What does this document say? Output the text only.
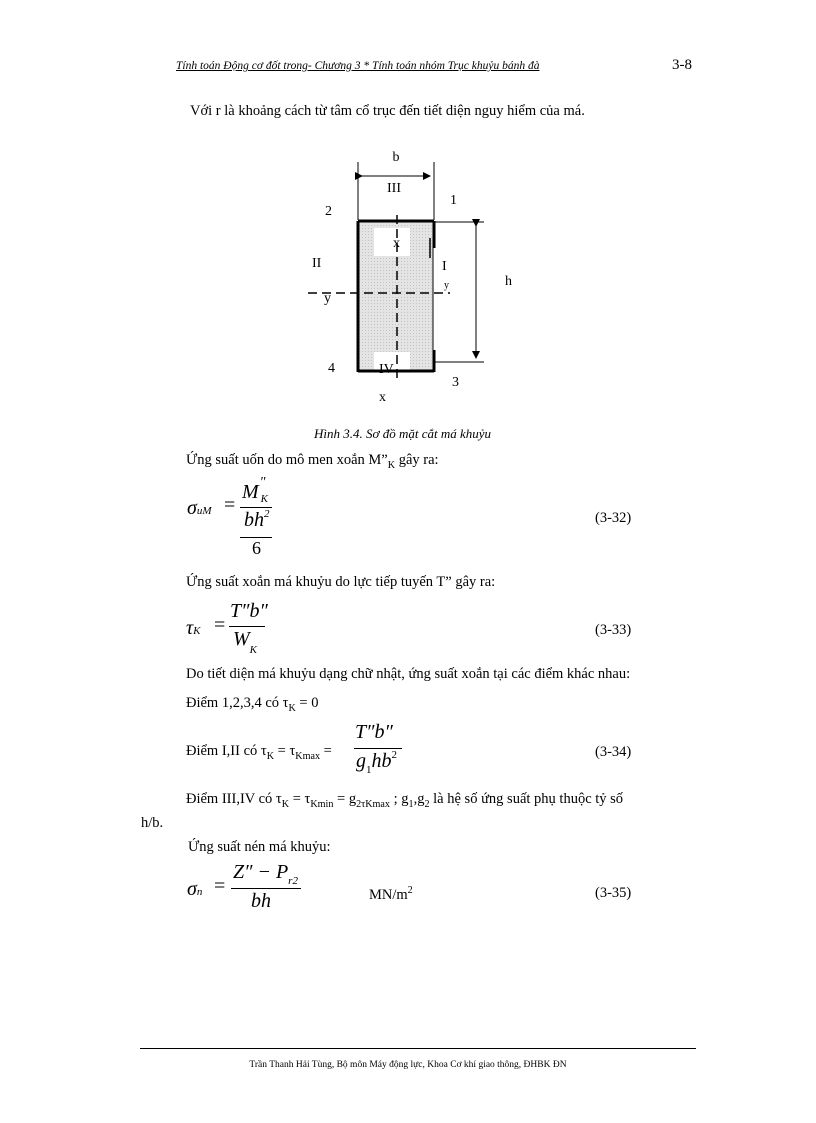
Tính toán Động cơ đốt trong- Chương 3 * Tính toán nhóm Trục khuỷu bánh đà	3-8
Với r là khoảng cách từ tâm cổ trục đến tiết diện nguy hiểm của má.
b
III
1
2
x
II	I
h
y
y
4	IV
3
x
Hình 3.4. Sơ đồ mặt cắt má khuỷu
Ứng suất uốn do mô men xoắn $M”_K$ gây ra:
σuM =
M ″
K
$bh^2$
6
(3-32)
Ứng suất xoắn má khuỷu do lực tiếp tuyến T” gây ra:
τK =
T″b″
$W_K$
(3-33)
Do tiết diện má khuỷu dạng chữ nhật, ứng suất xoắn tại các điểm khác nhau:
Điểm 1,2,3,4 có $\tau_K = 0$
Điểm I,II có $\tau_K = \tau_{Kmax}$ =
T″b″
$g_1hb^2$	(3-34)
Điểm III,IV có $\tau_K = \tau_{Kmin} = g_{2\tau Kmax}$ ; $g_1,g_2$ là hệ số ứng suất phụ thuộc tỷ số
h/b.
Ứng suất nén má khuỷu:
σn =
$Z'' - P_{r2}$
bh	$MN/m^2$	(3-35)
Trần Thanh Hải Tùng, Bộ môn Máy động lực, Khoa Cơ khí giao thông, ĐHBK ĐN
